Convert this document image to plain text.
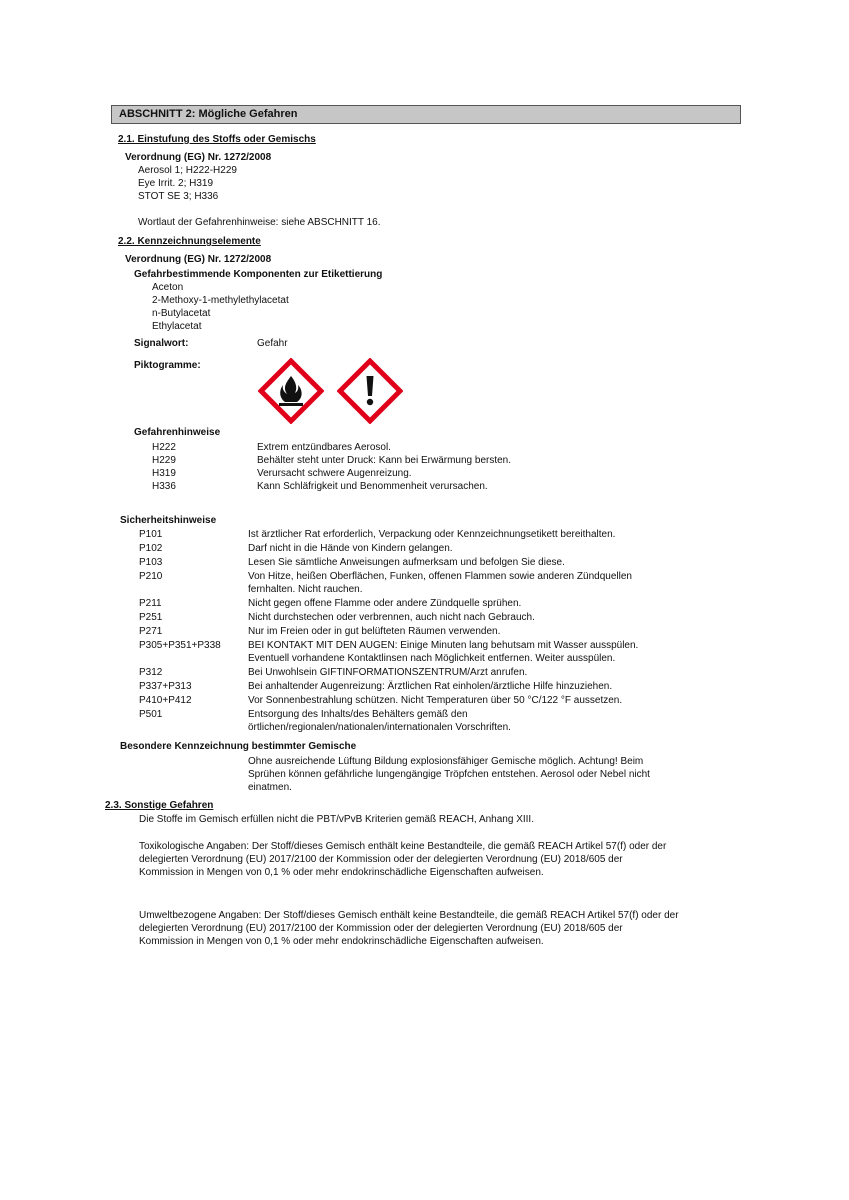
ABSCHNITT 2: Mögliche Gefahren
2.1. Einstufung des Stoffs oder Gemischs
Verordnung (EG) Nr. 1272/2008
Aerosol 1; H222-H229
Eye Irrit. 2; H319
STOT SE 3; H336
Wortlaut der Gefahrenhinweise: siehe ABSCHNITT 16.
2.2. Kennzeichnungselemente
Verordnung (EG) Nr. 1272/2008
Gefahrbestimmende Komponenten zur Etikettierung
Aceton
2-Methoxy-1-methylethylacetat
n-Butylacetat
Ethylacetat
Signalwort:	Gefahr
Piktogramme:
Gefahrenhinweise
H222	Extrem entzündbares Aerosol.
H229	Behälter steht unter Druck: Kann bei Erwärmung bersten.
H319	Verursacht schwere Augenreizung.
H336	Kann Schläfrigkeit und Benommenheit verursachen.
Sicherheitshinweise
P101	Ist ärztlicher Rat erforderlich, Verpackung oder Kennzeichnungsetikett bereithalten.
P102	Darf nicht in die Hände von Kindern gelangen.
P103	Lesen Sie sämtliche Anweisungen aufmerksam und befolgen Sie diese.
P210	Von Hitze, heißen Oberflächen, Funken, offenen Flammen sowie anderen Zündquellen fernhalten. Nicht rauchen.
P211	Nicht gegen offene Flamme oder andere Zündquelle sprühen.
P251	Nicht durchstechen oder verbrennen, auch nicht nach Gebrauch.
P271	Nur im Freien oder in gut belüfteten Räumen verwenden.
P305+P351+P338	BEI KONTAKT MIT DEN AUGEN: Einige Minuten lang behutsam mit Wasser ausspülen. Eventuell vorhandene Kontaktlinsen nach Möglichkeit entfernen. Weiter ausspülen.
P312	Bei Unwohlsein GIFTINFORMATIONSZENTRUM/Arzt anrufen.
P337+P313	Bei anhaltender Augenreizung: Ärztlichen Rat einholen/ärztliche Hilfe hinzuziehen.
P410+P412	Vor Sonnenbestrahlung schützen. Nicht Temperaturen über 50 °C/122 °F aussetzen.
P501	Entsorgung des Inhalts/des Behälters gemäß den örtlichen/regionalen/nationalen/internationalen Vorschriften.
Besondere Kennzeichnung bestimmter Gemische
Ohne ausreichende Lüftung Bildung explosionsfähiger Gemische möglich. Achtung! Beim Sprühen können gefährliche lungengängige Tröpfchen entstehen. Aerosol oder Nebel nicht einatmen.
2.3. Sonstige Gefahren
Die Stoffe im Gemisch erfüllen nicht die PBT/vPvB Kriterien gemäß REACH, Anhang XIII.
Toxikologische Angaben: Der Stoff/dieses Gemisch enthält keine Bestandteile, die gemäß REACH Artikel 57(f) oder der delegierten Verordnung (EU) 2017/2100 der Kommission oder der delegierten Verordnung (EU) 2018/605 der Kommission in Mengen von 0,1 % oder mehr endokrinschädliche Eigenschaften aufweisen.
Umweltbezogene Angaben: Der Stoff/dieses Gemisch enthält keine Bestandteile, die gemäß REACH Artikel 57(f) oder der delegierten Verordnung (EU) 2017/2100 der Kommission oder der delegierten Verordnung (EU) 2018/605 der Kommission in Mengen von 0,1 % oder mehr endokrinschädliche Eigenschaften aufweisen.
